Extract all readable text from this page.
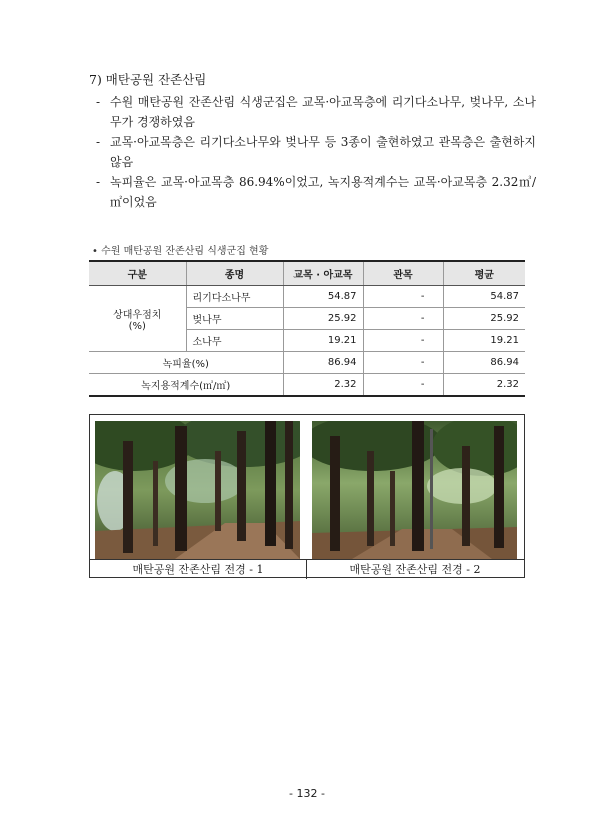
7) 매탄공원 잔존산림
- 수원 매탄공원 잔존산림 식생군집은 교목·아교목층에 리기다소나무, 벚나무, 소나무가 경쟁하였음
- 교목·아교목층은 리기다소나무와 벚나무 등 3종이 출현하였고 관목층은 출현하지 않음
- 녹피율은 교목·아교목층 86.94%이었고, 녹지용적계수는 교목·아교목층 2.32㎥/㎡이었음
• 수원 매탄공원 잔존산림 식생군집 현황
구분	종명	교목 · 아교목	관목	평균

상대우점치
(%)	리기다소나무	54.87	-	54.87
	벚나무	25.92	-	25.92
	소나무	19.21	-	19.21
녹피율(%)		86.94	-	86.94
녹지용적계수(㎥/㎡)		2.32	-	2.32
매탄공원 잔존산림 전경 - 1	매탄공원 잔존산림 전경 - 2
- 132 -
